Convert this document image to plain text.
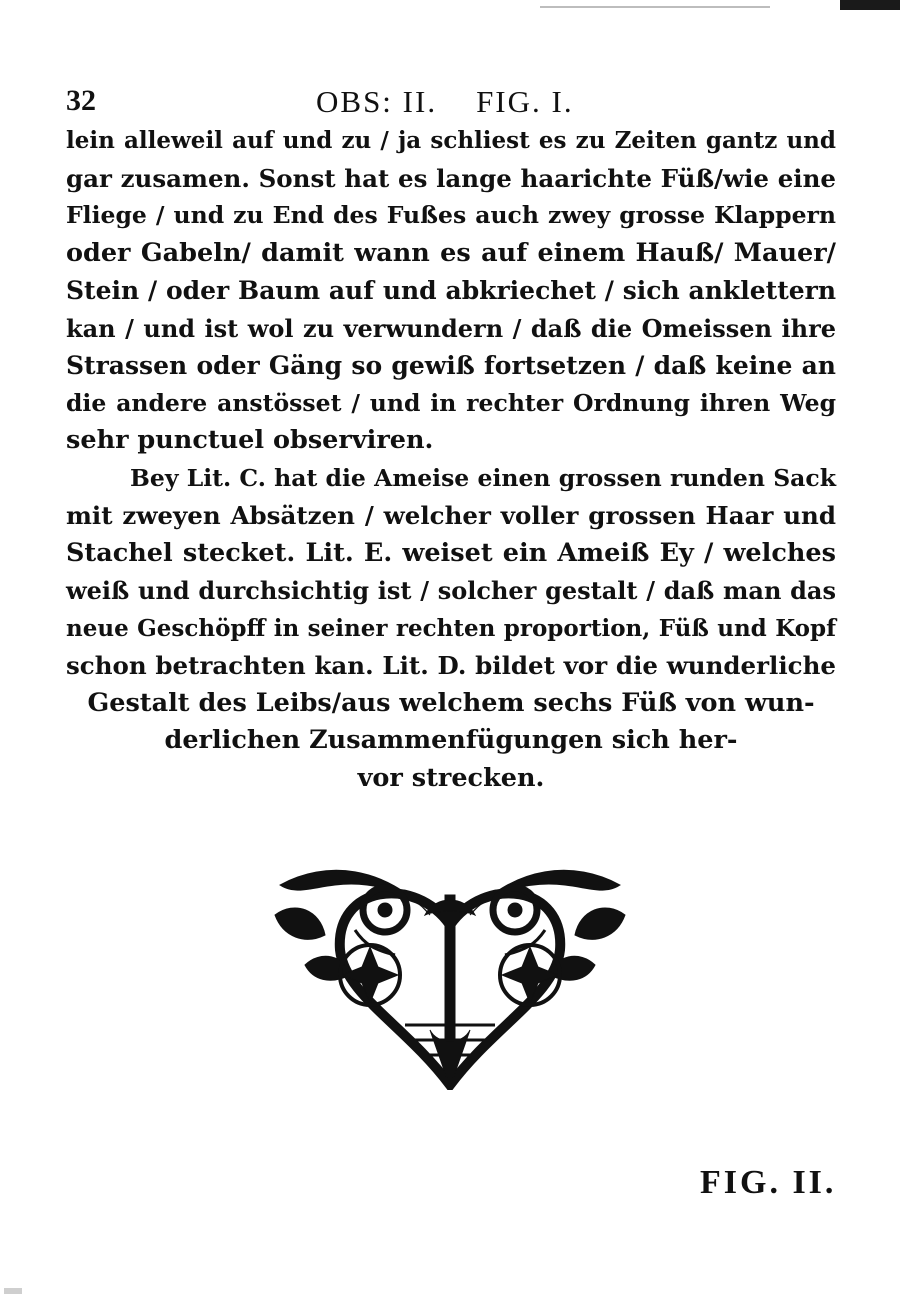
32	OBS: II.    FIG. I.
lein alleweil auf und zu / ja schliest es zu Zeiten gantz und
gar zusamen. Sonst hat es lange haarichte Füß/wie eine
Fliege / und zu End des Fußes auch zwey grosse Klappern
oder Gabeln/ damit wann es auf einem Hauß/ Mauer/
Stein / oder Baum auf und abkriechet / sich anklettern
kan / und ist wol zu verwundern / daß die Omeissen ihre
Strassen oder Gäng so gewiß fortsetzen / daß keine an
die andere anstösset / und in rechter Ordnung ihren Weg
sehr punctuel observiren.
Bey Lit. C. hat die Ameise einen grossen runden Sack
mit zweyen Absätzen / welcher voller grossen Haar und
Stachel stecket. Lit. E. weiset ein Ameiß Ey / welches
weiß und durchsichtig ist / solcher gestalt / daß man das
neue Geschöpff in seiner rechten proportion, Füß und Kopf
schon betrachten kan. Lit. D. bildet vor die wunderliche
Gestalt des Leibs/aus welchem sechs Füß von wun-
derlichen Zusammenfügungen sich her-
vor strecken.
FIG. II.
